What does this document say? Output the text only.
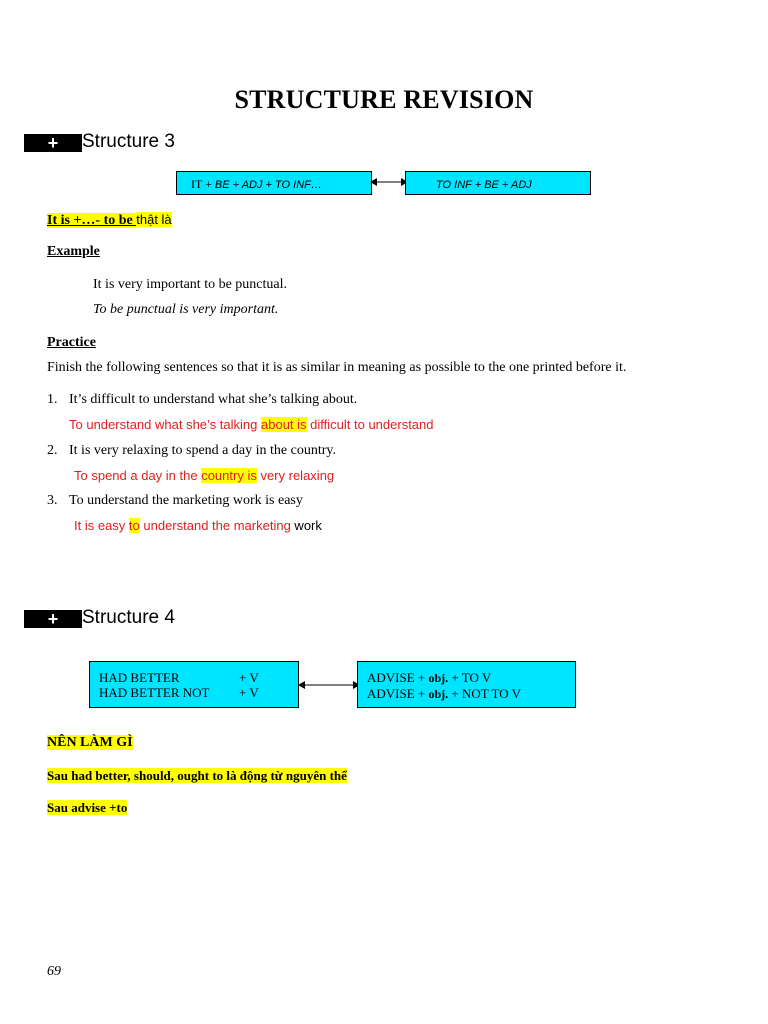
STRUCTURE REVISION
+	Structure 3
IT + BE + ADJ + TO INF…	TO INF + BE + ADJ
It is +…- to be thật là
Example
It is very important to be punctual.
To be punctual is very important.
Practice
Finish the following sentences so that it is as similar in meaning as possible to the one printed before it.
1. It’s difficult to understand what she’s talking about.
To understand what she’s talking about is difficult to understand
2. It is very relaxing to spend a day in the country.
To spend a day in the country is very relaxing
3. To understand the marketing work is easy
It is easy to understand the marketing work
+	Structure 4
HAD BETTER	+ V
HAD BETTER NOT + V
ADVISE + obj. + TO V
ADVISE + obj. + NOT TO V
NÊN LÀM GÌ
Sau had better, should, ought to là động từ nguyên thể
Sau advise +to
69
